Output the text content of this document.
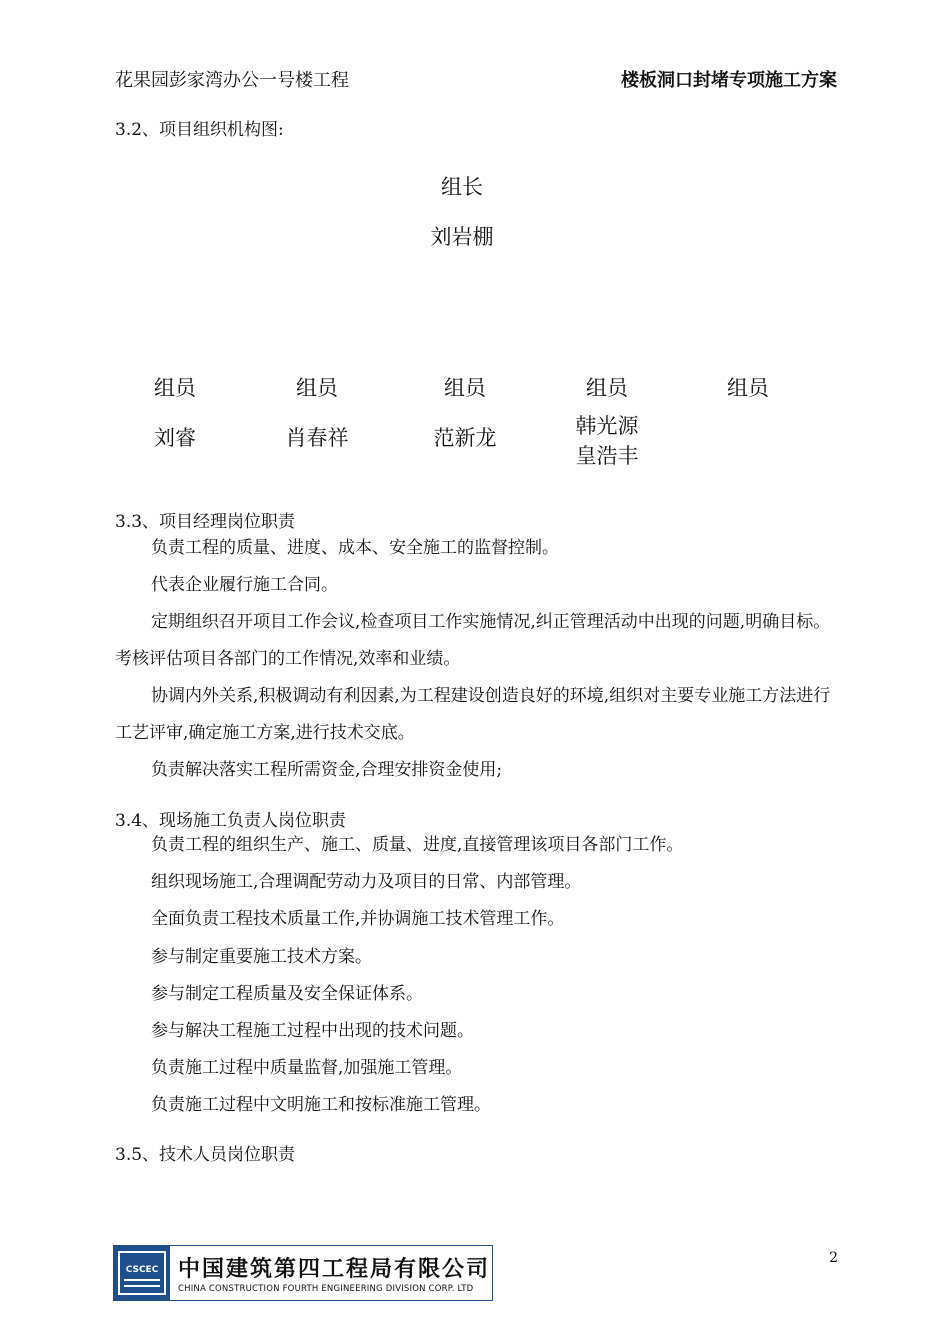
花果园彭家湾办公一号楼工程	楼板洞口封堵专项施工方案
3.2、项目组织机构图:
组长
刘岩棚
组员
刘睿
组员
肖春祥
组员
范新龙
组员
韩光源
皇浩丰
组员
3.3、项目经理岗位职责
负责工程的质量、进度、成本、安全施工的监督控制。
代表企业履行施工合同。
定期组织召开项目工作会议,检查项目工作实施情况,纠正管理活动中出现的问题,明确目标。考核评估项目各部门的工作情况,效率和业绩。
协调内外关系,积极调动有利因素,为工程建设创造良好的环境,组织对主要专业施工方法进行工艺评审,确定施工方案,进行技术交底。
负责解决落实工程所需资金,合理安排资金使用;
3.4、现场施工负责人岗位职责
负责工程的组织生产、施工、质量、进度,直接管理该项目各部门工作。
组织现场施工,合理调配劳动力及项目的日常、内部管理。
全面负责工程技术质量工作,并协调施工技术管理工作。
参与制定重要施工技术方案。
参与制定工程质量及安全保证体系。
参与解决工程施工过程中出现的技术问题。
负责施工过程中质量监督,加强施工管理。
负责施工过程中文明施工和按标准施工管理。
3.5、技术人员岗位职责
CSCEC 中国建筑第四工程局有限公司
CHINA CONSTRUCTION FOURTH ENGINEERING DIVISION CORP. LTD
2
